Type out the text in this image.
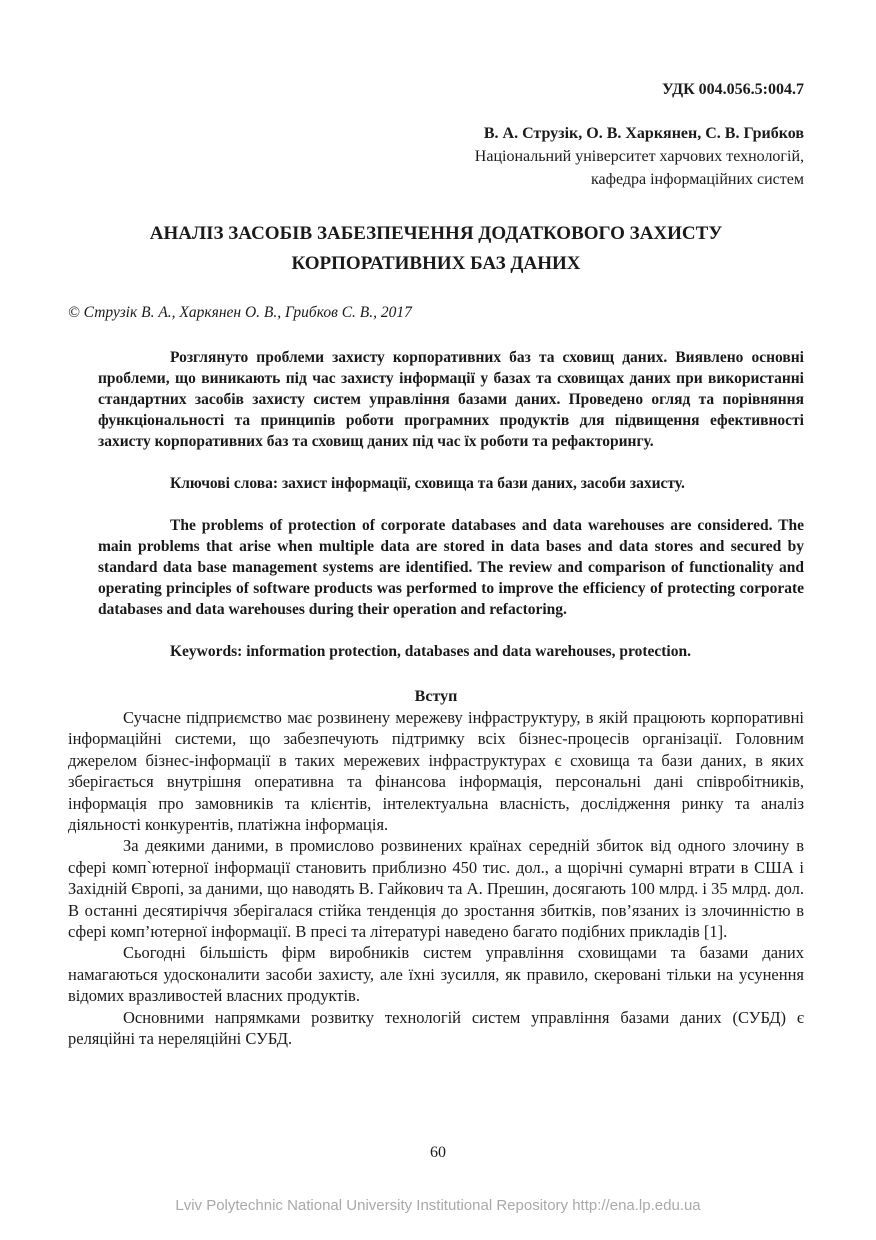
УДК 004.056.5:004.7
В. А. Струзік, О. В. Харкянен, С. В. Грибков
Національний університет харчових технологій,
кафедра інформаційних систем
АНАЛІЗ ЗАСОБІВ ЗАБЕЗПЕЧЕННЯ ДОДАТКОВОГО ЗАХИСТУ
КОРПОРАТИВНИХ БАЗ ДАНИХ
© Струзік В. А., Харкянен О. В., Грибков С. В., 2017
Розглянуто проблеми захисту корпоративних баз та сховищ даних. Виявлено основні проблеми, що виникають під час захисту інформації у базах та сховищах даних при використанні стандартних засобів захисту систем управління базами даних. Проведено огляд та порівняння функціональності та принципів роботи програмних продуктів для підвищення ефективності захисту корпоративних баз та сховищ даних під час їх роботи та рефакторингу.
Ключові слова: захист інформації, сховища та бази даних, засоби захисту.
The problems of protection of corporate databases and data warehouses are considered. The main problems that arise when multiple data are stored in data bases and data stores and secured by standard data base management systems are identified. The review and comparison of functionality and operating principles of software products was performed to improve the efficiency of protecting corporate databases and data warehouses during their operation and refactoring.
Keywords: information protection, databases and data warehouses, protection.
Вступ

Сучасне підприємство має розвинену мережеву інфраструктуру, в якій працюють корпоративні інформаційні системи, що забезпечують підтримку всіх бізнес-процесів організації. Головним джерелом бізнес-інформації в таких мережевих інфраструктурах є сховища та бази даних, в яких зберігається внутрішня оперативна та фінансова інформація, персональні дані співробітників, інформація про замовників та клієнтів, інтелектуальна власність, дослідження ринку та аналіз діяльності конкурентів, платіжна інформація.

За деякими даними, в промислово розвинених країнах середній збиток від одного злочину в сфері комп`ютерної інформації становить приблизно 450 тис. дол., а щорічні сумарні втрати в США і Західній Європі, за даними, що наводять В. Гайкович та А. Прешин, досягають 100 млрд. і 35 млрд. дол. В останні десятиріччя зберігалася стійка тенденція до зростання збитків, пов’язаних із злочинністю в сфері комп’ютерної інформації. В пресі та літературі наведено багато подібних прикладів [1].

Сьогодні більшість фірм виробників систем управління сховищами та базами даних намагаються удосконалити засоби захисту, але їхні зусилля, як правило, скеровані тільки на усунення відомих вразливостей власних продуктів.

Основними напрямками розвитку технологій систем управління базами даних (СУБД) є реляційні та нереляційні СУБД.

60
Lviv Polytechnic National University Institutional Repository http://ena.lp.edu.ua
